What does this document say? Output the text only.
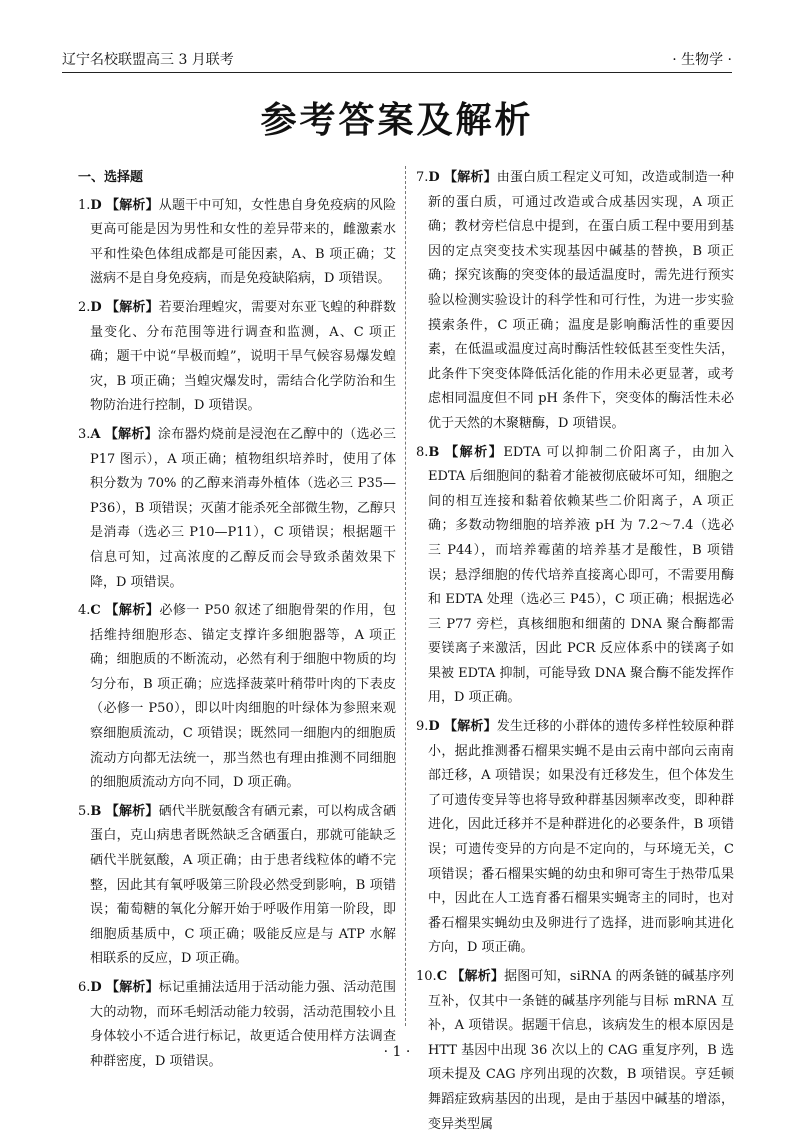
辽宁名校联盟高三 3 月联考	· 生物学 ·
参考答案及解析
一、选择题
1.D 【解析】从题干中可知，女性患自身免疫病的风险更高可能是因为男性和女性的差异带来的，雌激素水平和性染色体组成都是可能因素，A、B 项正确；艾滋病不是自身免疫病，而是免疫缺陷病，D 项错误。
2.D 【解析】若要治理蝗灾，需要对东亚飞蝗的种群数量变化、分布范围等进行调查和监测，A、C 项正确；题干中说“旱极而蝗”，说明干旱气候容易爆发蝗灾，B 项正确；当蝗灾爆发时，需结合化学防治和生物防治进行控制，D 项错误。
3.A 【解析】涂布器灼烧前是浸泡在乙醇中的（选必三 P17 图示），A 项正确；植物组织培养时，使用了体积分数为 70% 的乙醇来消毒外植体（选必三 P35—P36），B 项错误；灭菌才能杀死全部微生物，乙醇只是消毒（选必三 P10—P11），C 项错误；根据题干信息可知，过高浓度的乙醇反而会导致杀菌效果下降，D 项错误。
4.C 【解析】必修一 P50 叙述了细胞骨架的作用，包括维持细胞形态、锚定支撑许多细胞器等，A 项正确；细胞质的不断流动，必然有利于细胞中物质的均匀分布，B 项正确；应选择菠菜叶稍带叶肉的下表皮（必修一 P50），即以叶肉细胞的叶绿体为参照来观察细胞质流动，C 项错误；既然同一细胞内的细胞质流动方向都无法统一，那当然也有理由推测不同细胞的细胞质流动方向不同，D 项正确。
5.B 【解析】硒代半胱氨酸含有硒元素，可以构成含硒蛋白，克山病患者既然缺乏含硒蛋白，那就可能缺乏硒代半胱氨酸，A 项正确；由于患者线粒体的嵴不完整，因此其有氧呼吸第三阶段必然受到影响，B 项错误；葡萄糖的氧化分解开始于呼吸作用第一阶段，即细胞质基质中，C 项正确；吸能反应是与 ATP 水解相联系的反应，D 项正确。
6.D 【解析】标记重捕法适用于活动能力强、活动范围大的动物，而环毛蚓活动能力较弱，活动范围较小且身体较小不适合进行标记，故更适合使用样方法调查种群密度，D 项错误。
7.D 【解析】由蛋白质工程定义可知，改造或制造一种新的蛋白质，可通过改造或合成基因实现，A 项正确；教材旁栏信息中提到，在蛋白质工程中要用到基因的定点突变技术实现基因中碱基的替换，B 项正确；探究该酶的突变体的最适温度时，需先进行预实验以检测实验设计的科学性和可行性，为进一步实验摸索条件，C 项正确；温度是影响酶活性的重要因素，在低温或温度过高时酶活性较低甚至变性失活，此条件下突变体降低活化能的作用未必更显著，或考虑相同温度但不同 pH 条件下，突变体的酶活性未必优于天然的木聚糖酶，D 项错误。
8.B 【解析】EDTA 可以抑制二价阳离子，由加入 EDTA 后细胞间的黏着才能被彻底破坏可知，细胞之间的相互连接和黏着依赖某些二价阳离子，A 项正确；多数动物细胞的培养液 pH 为 7.2～7.4（选必三 P44），而培养霉菌的培养基才是酸性，B 项错误；悬浮细胞的传代培养直接离心即可，不需要用酶和 EDTA 处理（选必三 P45），C 项正确；根据选必三 P77 旁栏，真核细胞和细菌的 DNA 聚合酶都需要镁离子来激活，因此 PCR 反应体系中的镁离子如果被 EDTA 抑制，可能导致 DNA 聚合酶不能发挥作用，D 项正确。
9.D 【解析】发生迁移的小群体的遗传多样性较原种群小，据此推测番石榴果实蝇不是由云南中部向云南南部迁移，A 项错误；如果没有迁移发生，但个体发生了可遗传变异等也将导致种群基因频率改变，即种群进化，因此迁移并不是种群进化的必要条件，B 项错误；可遗传变异的方向是不定向的，与环境无关，C 项错误；番石榴果实蝇的幼虫和卵可寄生于热带瓜果中，因此在人工选育番石榴果实蝇寄主的同时，也对番石榴果实蝇幼虫及卵进行了选择，进而影响其进化方向，D 项正确。
10.C 【解析】据图可知，siRNA 的两条链的碱基序列互补，仅其中一条链的碱基序列能与目标 mRNA 互补，A 项错误。据题干信息，该病发生的根本原因是 HTT 基因中出现 36 次以上的 CAG 重复序列，B 选项未提及 CAG 序列出现的次数，B 项错误。亨廷顿舞蹈症致病基因的出现，是由于基因中碱基的增添，变异类型属
· 1 ·
